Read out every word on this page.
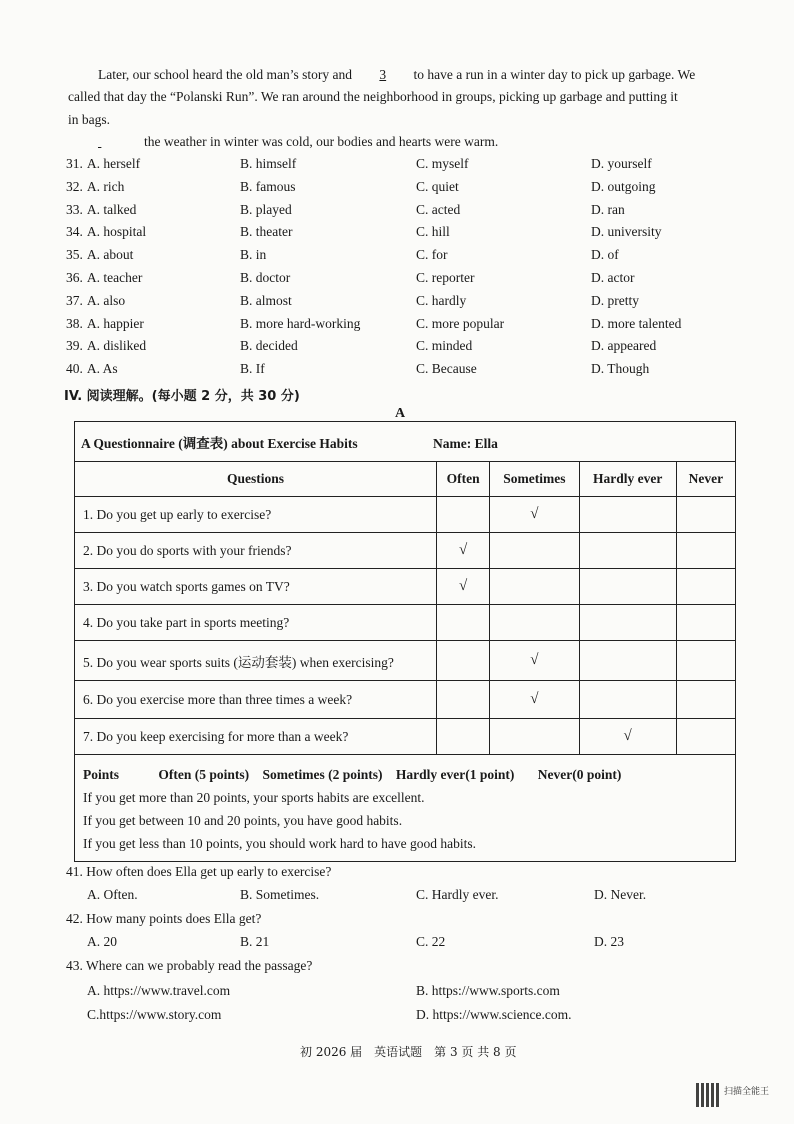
Later, our school heard the old man’s story and 3 to have a run in a winter day to pick up garbage. We
called that day the “Polanski Run”. We ran around the neighborhood in groups, picking up garbage and putting it
in bags.
the weather in winter was cold, our bodies and hearts were warm.
31. A. herself	B. himself	C. myself	D. yourself
32. A. rich	B. famous	C. quiet	D. outgoing
33. A. talked	B. played	C. acted	D. ran
34. A. hospital	B. theater	C. hill	D. university
35. A. about	B. in	C. for	D. of
36. A. teacher	B. doctor	C. reporter	D. actor
37. A. also	B. almost	C. hardly	D. pretty
38. A. happier	B. more hard-working	C. more popular	D. more talented
39. A. disliked	B. decided	C. minded	D. appeared
40. A. As	B. If	C. Because	D. Though
IV. 阅读理解。(每小题 2 分，共 30 分)
A
A Questionnaire (调查表) about Exercise Habits Name: Ella				
Questions	Often	Sometimes	Hardly ever	Never
1. Do you get up early to exercise?		√		
2. Do you do sports with your friends?	√			
3. Do you watch sports games on TV?	√			
4. Do you take part in sports meeting?				
5. Do you wear sports suits (运动套装) when exercising?		√		
6. Do you exercise more than three times a week?		√		
7. Do you keep exercising for more than a week?			√	

Points Often (5 points) Sometimes (2 points) Hardly ever(1 point) Never(0 point)
If you get more than 20 points, your sports habits are excellent.
If you get between 10 and 20 points, you have good habits.
If you get less than 10 points, you should work hard to have good habits.				
41. How often does Ella get up early to exercise?
A. Often.	B. Sometimes.	C. Hardly ever.	D. Never.
42. How many points does Ella get?
A. 20	B. 21	C. 22	D. 23
43. Where can we probably read the passage?
A. https://www.travel.com	B. https://www.sports.com
C.https://www.story.com	D. https://www.science.com.
初 2026 届　英语试题　第 3 页 共 8 页
扫描全能王
